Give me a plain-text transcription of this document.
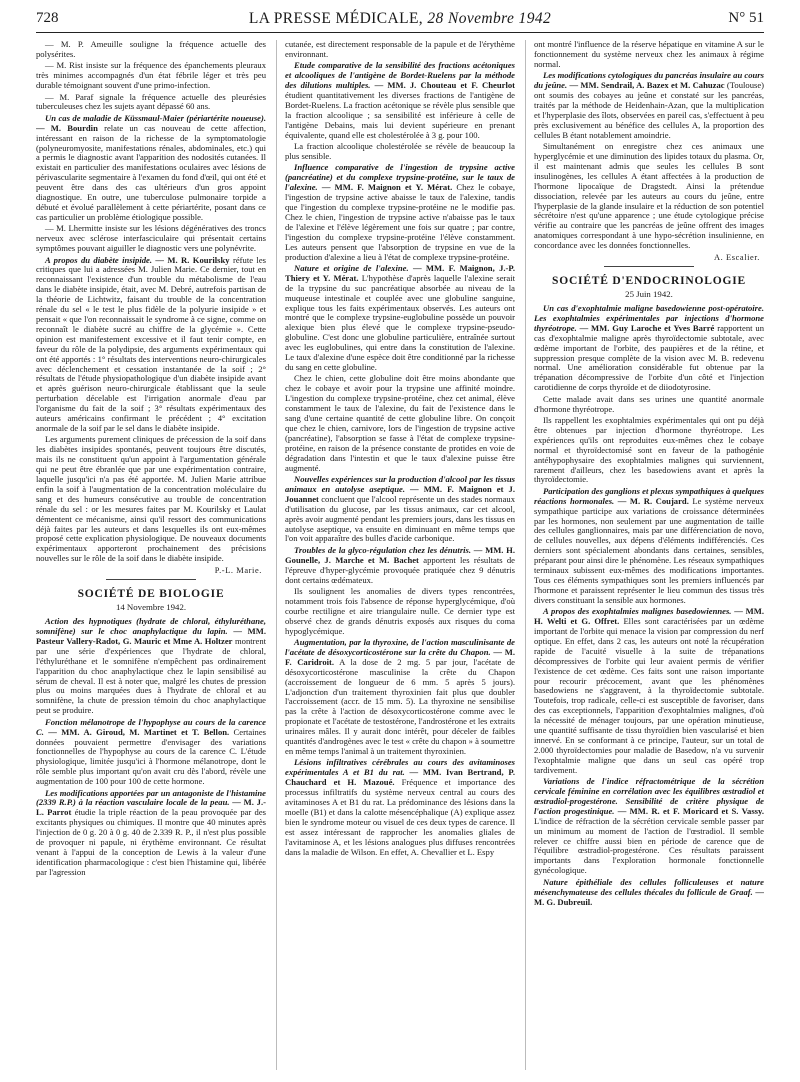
728	LA PRESSE MÉDICALE, 28 Novembre 1942	N° 51

— M. P. Ameuille souligne la fréquence actuelle des polysérites.

— M. Rist insiste sur la fréquence des épanchements pleuraux très minimes accompagnés d'un état fébrile léger et très peu durable témoignant souvent d'une primo-infection.

— M. Paraf signale la fréquence actuelle des pleurésies tuberculeuses chez les sujets ayant dépassé 60 ans.

Un cas de maladie de Küssmaul-Maier (périartérite noueuse). — M. Bourdin relate un cas nouveau de cette affection, intéressant en raison de la richesse de la symptomatologie (polyneuromyosite, manifestations rénales, abdominales, etc.) qui a permis le diagnostic avant l'apparition des nodosités cutanées. Il existait en particulier des manifestations oculaires avec lésions de périvascularite segmentaire à l'examen du fond d'œil, qui ont été et peuvent être dans des cas ultérieurs d'un gros appoint diagnostique. En outre, une tuberculose pulmonaire torpide a débuté et évolué parallèlement à cette périartérite, posant dans ce cas particulier un problème étiologique possible.

— M. Lhermitte insiste sur les lésions dégénératives des troncs nerveux avec sclérose interfasciculaire qui présentait certains symptômes pouvant aiguiller le diagnostic vers une polynévrite.

A propos du diabète insipide. — M. R. Kourilsky réfute les critiques que lui a adressées M. Julien Marie. Ce dernier, tout en reconnaissant l'existence d'un trouble du métabolisme de l'eau dans le diabète insipide, était, avec M. Debré, autrefois partisan de la théorie de Lichtwitz, faisant du trouble de la concentration rénale du sel « le test le plus fidèle de la polyurie insipide » et pensait « que l'on reconnaissait le syndrome à ce signe, comme on reconnaît le diabète sucré au chiffre de la glycémie ». Cette opinion est manifestement excessive et il faut tenir compte, en faveur du rôle de la polydipsie, des arguments expérimentaux qui ont été apportés : 1° résultats des interventions neuro-chirurgicales avec déclenchement et cessation instantanée de la soif ; 2° résultats de l'étude physiopathologique d'un diabète insipide avant et après guérison neuro-chirurgicale établissant que la seule perturbation décelable est l'irrigation anormale d'eau par l'organisme du fait de la soif ; 3° résultats expérimentaux des auteurs américains confirmant le précédent ; 4° excitation anormale de la soif par le sel dans le diabète insipide.

Les arguments purement cliniques de précession de la soif dans les diabètes insipides spontanés, peuvent toujours être discutés, mais ils ne constituent qu'un appoint à l'argumentation générale qui ne peut être ébranlée que par une expérimentation contraire, laquelle jusqu'ici n'a pas été apportée. M. Julien Marie attribue enfin la soif à l'augmentation de la concentration moléculaire du sang et des humeurs consécutive au trouble de concentration rénale du sel : or les mesures faites par M. Kourilsky et Laulat démentent ce mécanisme, ainsi qu'il ressort des communications déjà faites par les auteurs et dans lesquelles ils ont eux-mêmes proposé cette explication physiologique. De nouveaux documents expérimentaux apporteront prochainement des précisions nouvelles sur le rôle de la soif dans le diabète insipide.

P.-L. Marie.
SOCIÉTÉ DE BIOLOGIE
14 Novembre 1942.

Action des hypnotiques (hydrate de chloral, éthyluréthane, somnifène) sur le choc anaphylactique du lapin. — MM. Pasteur Vallery-Radot, G. Mauric et Mme A. Holtzer montrent par une série d'expériences que l'hydrate de chloral, l'éthyluréthane et le somnifène n'empêchent pas ordinairement l'apparition du choc anaphylactique chez le lapin sensibilisé au sérum de cheval. Il est à noter que, malgré les chutes de pression plus ou moins marquées dues à l'hydrate de chloral et au somnifène, la chute de pression témoin du choc anaphylactique peut se produire.

Fonction mélanotrope de l'hypophyse au cours de la carence C. — MM. A. Giroud, M. Martinet et T. Bellon. Certaines données pouvaient permettre d'envisager des variations fonctionnelles de l'hypophyse au cours de la carence C. L'étude physiologique, limitée jusqu'ici à l'hormone mélanotrope, dont le rôle semble plus important qu'on avait cru dès l'abord, révèle une augmentation de 100 pour 100 de cette hormone.

Les modifications apportées par un antagoniste de l'histamine (2339 R.P.) à la réaction vasculaire locale de la peau. — M. J.-L. Parrot étudie la triple réaction de la peau provoquée par des excitants physiques ou chimiques. Il montre que 40 minutes après l'injection de 0 g. 20 à 0 g. 40 de 2.339 R. P., il n'est plus possible de provoquer ni papule, ni érythème environnant. Ce résultat venant à l'appui de la conception de Lewis à la valeur d'une identification pharmacologique : c'est bien l'histamine qui, libérée par l'agression

cutanée, est directement responsable de la papule et de l'érythème environnant.

Etude comparative de la sensibilité des fractions acétoniques et alcooliques de l'antigène de Bordet-Ruelens par la méthode des dilutions multiples. — MM. J. Chouteau et F. Cheurlot étudient quantitativement les diverses fractions de l'antigène de Bordet-Ruelens. La fraction acétonique se révèle plus sensible que la fraction alcoolique ; sa sensibilité est inférieure à celle de l'antigène Debains, mais lui devient supérieure en prenant équivalente, quand elle est cholestérolée à 3 g. pour 100.

La fraction alcoolique cholestérolée se révèle de beaucoup la plus sensible.

Influence comparative de l'ingestion de trypsine active (pancréatine) et du complexe trypsine-protéine, sur le taux de l'alexine. — MM. F. Maignon et Y. Mérat. Chez le cobaye, l'ingestion de trypsine active abaisse le taux de l'alexine, tandis que l'ingestion du complexe trypsine-protéine ne le modifie pas. Chez le chien, l'ingestion de trypsine active n'abaisse pas le taux de l'alexine et l'élève légèrement une fois sur quatre ; par contre, l'ingestion du complexe trypsine-protéine l'élève constamment. Les auteurs pensent que l'absorption de trypsine en vue de la production d'alexine a lieu à l'état de complexe trypsine-protéine.

Nature et origine de l'alexine. — MM. F. Maignon, J.-P. Thiery et Y. Mérat. L'hypothèse d'après laquelle l'alexine serait de la trypsine du suc pancréatique absorbée au niveau de la muqueuse intestinale et couplée avec une globuline sanguine, explique tous les faits expérimentaux observés. Les auteurs ont montré que le complexe trypsine-euglobuline possède un pouvoir alexique bien plus élevé que le complexe trypsine-pseudo-globuline. C'est donc une globuline particulière, entraînée surtout avec les euglobulines, qui entre dans la constitution de l'alexine. Le taux d'alexine d'une espèce doit être conditionné par la richesse du sang en cette globuline.

Chez le chien, cette globuline doit être moins abondante que chez le cobaye et avoir pour la trypsine une affinité moindre. L'ingestion du complexe trypsine-protéine, chez cet animal, élève constamment le taux de l'alexine, du fait de l'existence dans le sang d'une certaine quantité de cette globuline libre. On conçoit que chez le chien, carnivore, lors de l'ingestion de trypsine active (pancréatine), l'absorption se fasse à l'état de complexe trypsine-protéine, en raison de la présence constante de protides en voie de dégradation dans l'intestin et que le taux d'alexine puisse être augmenté.

Nouvelles expériences sur la production d'alcool par les tissus animaux en autolyse aseptique. — MM. F. Maignon et J. Jouannet concluent que l'alcool représente un des stades normaux d'utilisation du glucose, par les tissus animaux, car cet alcool, après avoir augmenté pendant les premiers jours, dans les tissus en autolyse aseptique, va ensuite en diminuant en même temps que l'on voit apparaître des bulles d'acide carbonique.

Troubles de la glyco-régulation chez les dénutris. — MM. H. Gounelle, J. Marche et M. Bachet apportent les résultats de l'épreuve d'hyper-glycémie provoquée pratiquée chez 9 dénutris dont certains œdémateux.

Ils soulignent les anomalies de divers types rencontrées, notamment trois fois l'absence de réponse hyperglycémique, d'où courbe rectiligne et aire triangulaire nulle. Ce dernier type est observé chez de grands dénutris exposés aux risques du coma hypoglycémique.

Augmentation, par la thyroxine, de l'action masculinisante de l'acétate de désoxycorticostérone sur la crête du Chapon. — M. F. Caridroit. A la dose de 2 mg. 5 par jour, l'acétate de désoxycorticostérone masculinise la crête du Chapon (accroissement de longueur de 6 mm. 5 après 5 jours). L'adjonction d'un traitement thyroxinien fait plus que doubler l'accroissement (accr. de 15 mm. 5). La thyroxine ne sensibilise pas la crête à l'action de désoxycorticostérone comme avec le propionate et l'acétate de testostérone, l'androstérone et les extraits urinaires mâles. Il y aurait donc intérêt, pour déceler de faibles quantités d'androgènes avec le test « crête du chapon » à soumettre en même temps l'animal à un traitement thyroxinien.

Lésions infiltratives cérébrales au cours des avitaminoses expérimentales A et B1 du rat. — MM. Ivan Bertrand, P. Chauchard et H. Mazoué. Fréquence et importance des processus infiltratifs du système nerveux central au cours des avitaminoses A et B1 du rat. La prédominance des lésions dans la moelle (B1) et dans la calotte mésencéphalique (A) explique assez bien le syndrome moteur ou visuel de ces deux types de carence. Il est assez intéressant de rapprocher les anomalies gliales de l'avitaminose A, et les lésions analogues plus diffuses rencontrées dans la maladie de Wilson. En effet, A. Chevallier et L. Espy

ont montré l'influence de la réserve hépatique en vitamine A sur le fonctionnement du système nerveux chez les animaux à régime normal.

Les modifications cytologiques du pancréas insulaire au cours du jeûne. — MM. Sendrail, A. Bazex et M. Cahuzac (Toulouse) ont soumis des cobayes au jeûne et constaté sur les pancréas, traités par la méthode de Heidenhain-Azan, que la multiplication et l'hyperplasie des îlots, observées en pareil cas, s'effectuent à peu près exclusivement au bénéfice des cellules A, la proportion des cellules B étant notablement amoindrie.

Simultanément on enregistre chez ces animaux une hyperglycémie et une diminution des lipides totaux du plasma. Or, il est maintenant admis que seules les cellules B sont insulinogènes, les cellules A étant affectées à la production de l'hormone lipocaïque de Dragstedt. Ainsi la prétendue dissociation, relevée par les auteurs au cours du jeûne, entre l'hyperplasie de la glande insulaire et la réduction de son potentiel sécrétoire n'est qu'une apparence ; une étude cytologique précise vérifie au contraire que les pancréas de jeûne offrent des images anatomiques correspondant à une hypo-sécrétion insulinienne, en concordance avec les données fonctionnelles.

A. Escalier.
SOCIÉTÉ D'ENDOCRINOLOGIE
25 Juin 1942.

Un cas d'exophtalmie maligne basedowienne post-opératoire. Les exophtalmies expérimentales par injections d'hormone thyréotrope. — MM. Guy Laroche et Yves Barré rapportent un cas d'exophtalmie maligne après thyroïdectomie subtotale, avec œdème important de l'orbite, des paupières et de la rétine, et suppression presque complète de la vision avec M. B. redevenu normal. Une amélioration considérable fut obtenue par la trépanation décompressive de l'orbite d'un côté et l'injection carotidienne de corps thyroïde et de diiodotyrosine.

Cette malade avait dans ses urines une quantité anormale d'hormone thyréotrope.

Ils rappellent les exophtalmies expérimentales qui ont pu déjà être obtenues par injection d'hormone thyréotrope. Les expériences qu'ils ont reproduites eux-mêmes chez le cobaye normal et thyroïdectomisé sont en faveur de la pathogénie antéhypophysaire des exophtalmies malignes qui surviennent, rarement d'ailleurs, chez les basedowiens avant et après la thyroïdectomie.

Participation des ganglions et plexus sympathiques à quelques réactions hormonales. — M. R. Coujard. Le système nerveux sympathique participe aux variations de croissance déterminées par les hormones, non seulement par une augmentation de taille des cellules ganglionnaires, mais par une différenciation de novo, de cellules nouvelles, aux dépens d'éléments indifférenciés. Ces derniers sont spécialement abondants dans certaines, sensibles, préparant pour ainsi dire le phénomène. Les réseaux sympathiques terminaux subissent eux-mêmes des modifications importantes. Tous ces éléments sympathiques sont les premiers influencés par l'hormone et paraissent représenter le lieu commun des tissus très divers constituant la sensible aux hormones.

A propos des exophtalmies malignes basedowiennes. — MM. H. Welti et G. Offret. Elles sont caractérisées par un œdème important de l'orbite qui menace la vision par compression du nerf optique. En effet, dans 2 cas, les auteurs ont noté la récupération rapide de l'acuité visuelle à la suite de trépanations décompressives de l'orbite qui leur avaient permis de vérifier l'existence de cet œdème. Ces faits sont une raison importante pour recourir précocement, avant que les phénomènes basedowiens ne s'aggravent, à la thyroïdectomie subtotale. Toutefois, trop radicale, celle-ci est susceptible de favoriser, dans des cas exceptionnels, l'apparition d'exophtalmies malignes, d'où la nécessité de ménager toujours, par une opération minutieuse, une quantité suffisante de tissu thyroïdien bien vascularisé et bien innervé. En se conformant à ce principe, l'auteur, sur un total de 2.000 thyroïdectomies pour maladie de Basedow, n'a vu survenir l'exophtalmie maligne que dans un seul cas opéré trop tardivement.

Variations de l'indice réfractométrique de la sécrétion cervicale féminine en corrélation avec les équilibres œstradiol et œstradiol-progestérone. Sensibilité de critère physique de l'action progestinique. — MM. R. et F. Moricard et S. Vassy. L'indice de réfraction de la sécrétion cervicale semble passer par un minimum au moment de l'action de l'œstradiol. Il semble relever ce chiffre aussi bien en période de carence que de l'équilibre œstradiol-progestérone. Ces résultats paraissent importants dans l'exploration hormonale fonctionnelle gynécologique.

Nature épithéliale des cellules folliculeuses et nature mésenchymateuse des cellules thécales du follicule de Graaf. — M. G. Dubreuil.
